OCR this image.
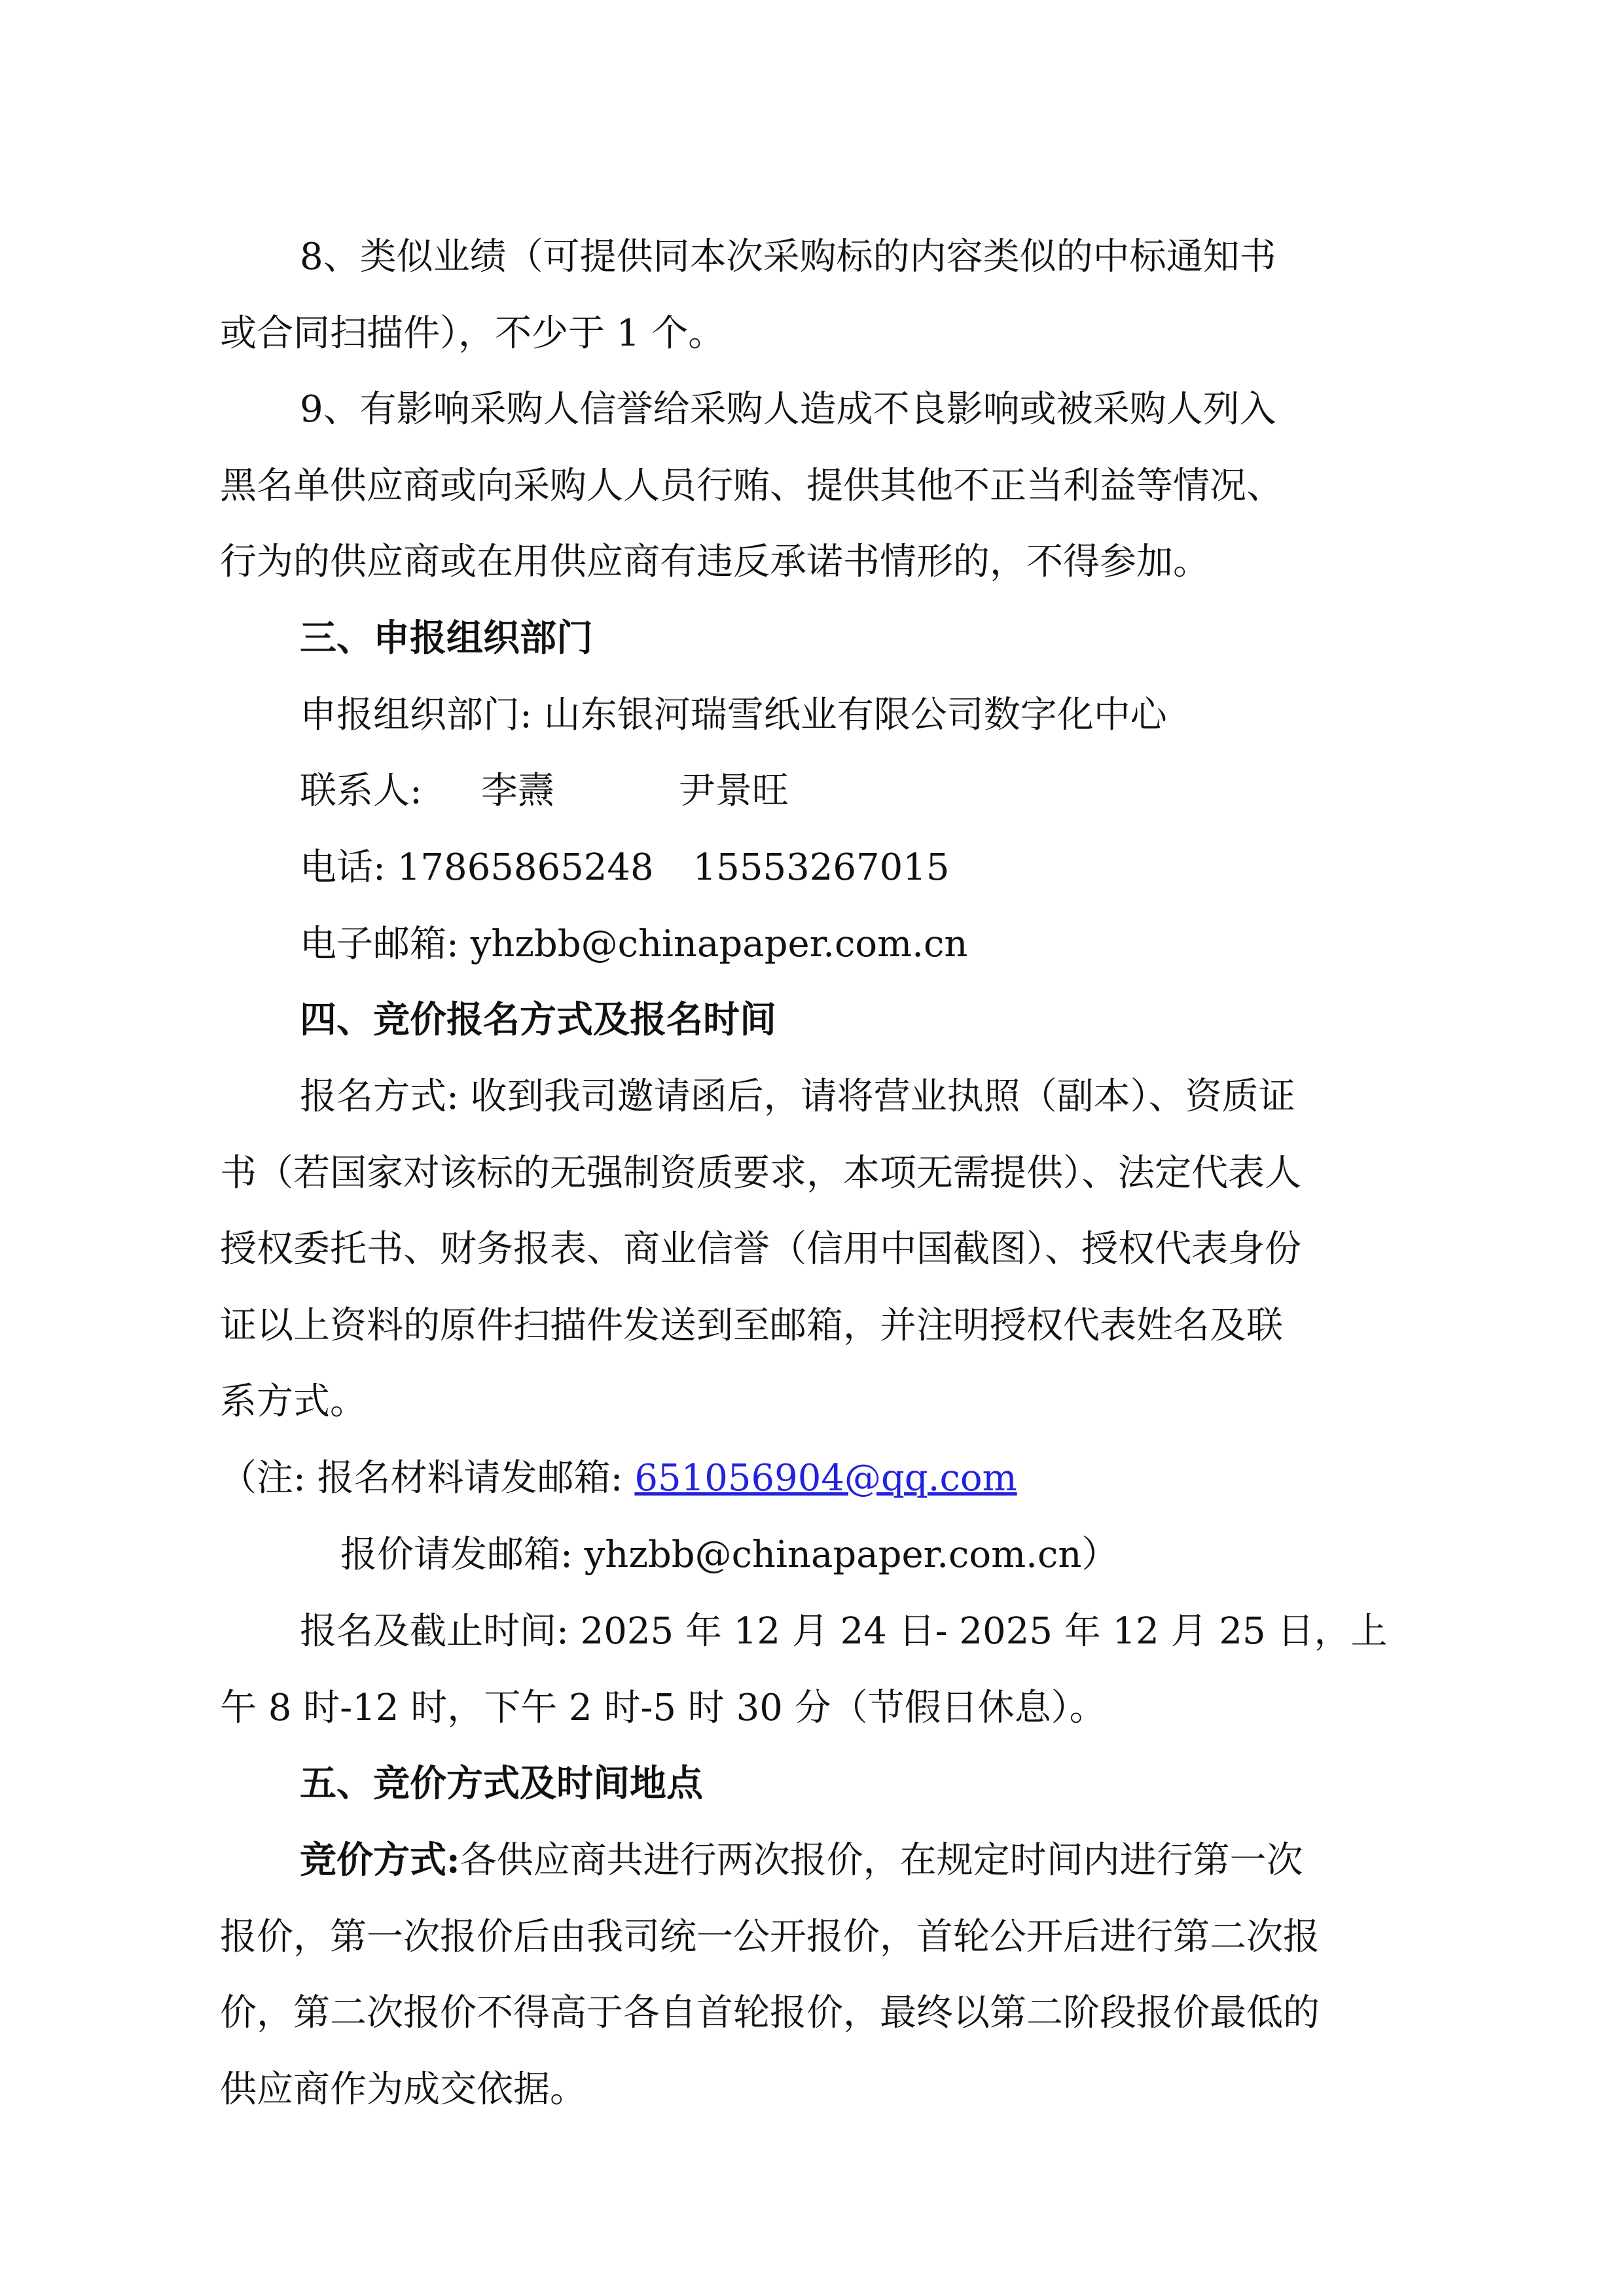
8、类似业绩（可提供同本次采购标的内容类似的中标通知书

或合同扫描件），不少于 1 个。

9、有影响采购人信誉给采购人造成不良影响或被采购人列入

黑名单供应商或向采购人人员行贿、提供其他不正当利益等情况、

行为的供应商或在用供应商有违反承诺书情形的，不得参加。

三、申报组织部门

申报组织部门: 山东银河瑞雪纸业有限公司数字化中心

联系人: 李燾	尹景旺

电话: 17865865248 15553267015

电子邮箱: yhzbb@chinapaper.com.cn

四、竞价报名方式及报名时间

报名方式: 收到我司邀请函后，请将营业执照（副本）、资质证

书（若国家对该标的无强制资质要求，本项无需提供）、法定代表人

授权委托书、财务报表、商业信誉（信用中国截图）、授权代表身份

证以上资料的原件扫描件发送到至邮箱，并注明授权代表姓名及联

系方式。

（注: 报名材料请发邮箱: 651056904@qq.com

报价请发邮箱: yhzbb@chinapaper.com.cn）

报名及截止时间: 2025 年 12 月 24 日- 2025 年 12 月 25 日，上

午 8 时-12 时，下午 2 时-5 时 30 分（节假日休息）。

五、竞价方式及时间地点

竞价方式:各供应商共进行两次报价，在规定时间内进行第一次

报价，第一次报价后由我司统一公开报价，首轮公开后进行第二次报

价，第二次报价不得高于各自首轮报价，最终以第二阶段报价最低的

供应商作为成交依据。
